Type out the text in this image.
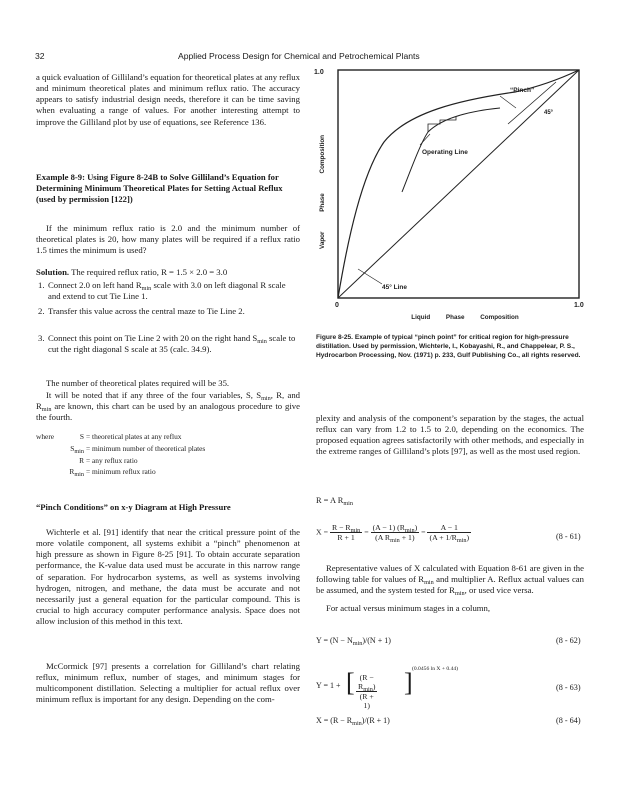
32	Applied Process Design for Chemical and Petrochemical Plants

a quick evaluation of Gilliland’s equation for theoretical plates at any reflux and minimum theoretical plates and minimum reflux ratio. The accuracy appears to satisfy industrial design needs, therefore it can be time saving when evaluating a range of values. For another interesting attempt to improve the Gilliland plot by use of equations, see Reference 136.

Example 8-9: Using Figure 8-24B to Solve Gilliland’s Equation for Determining Minimum Theoretical Plates for Setting Actual Reflux (used by permission [122])

If the minimum reflux ratio is 2.0 and the minimum number of theoretical plates is 20, how many plates will be required if a reflux ratio 1.5 times the minimum is used?

Solution. The required reflux ratio, R = 1.5 × 2.0 = 3.0

1. Connect 2.0 on left hand $R_{min}$ scale with 3.0 on left diagonal R scale and extend to cut Tie Line 1.
2. Transfer this value across the central maze to Tie Line 2.
3. Connect this point on Tie Line 2 with 20 on the right hand $S_{min}$ scale to cut the right diagonal S scale at 35 (calc. 34.9).

The number of theoretical plates required will be 35.

It will be noted that if any three of the four variables, S, $S_{min}$, R, and $R_{min}$ are known, this chart can be used by an analogous procedure to give the fourth.

where	S = theoretical plates at any reflux
$S_{min}$ = minimum number of theoretical plates
R = any reflux ratio
$R_{min}$ = minimum reflux ratio

“Pinch Conditions” on x-y Diagram at High Pressure

Wichterle et al. [91] identify that near the critical pressure point of the more volatile component, all systems exhibit a “pinch” phenomenon at high pressure as shown in Figure 8-25 [91]. To obtain accurate separation performance, the K-value data used must be accurate in this narrow range of separation. For hydrocarbon systems, as well as systems involving hydrogen, nitrogen, and methane, the data must be accurate and not necessarily just a general equation for the particular compound. This is crucial to high accuracy computer performance analysis. Space does not allow inclusion of this method in this text.

McCormick [97] presents a correlation for Gilliland’s chart relating reflux, minimum reflux, number of stages, and minimum stages for multicomponent distillation. Selecting a multiplier for actual reflux over minimum reflux is important for any design. Depending on the com-

1.0
0	1.0
Liquid Phase Composition
Vapor Phase Composition
“Pinch”
45°
Operating Line
45° Line

Figure 8-25. Example of typical “pinch point” for critical region for high-pressure distillation. Used by permission, Wichterle, I., Kobayashi, R., and Chappelear, P. S., Hydrocarbon Processing, Nov. (1971) p. 233, Gulf Publishing Co., all rights reserved.

plexity and analysis of the component’s separation by the stages, the actual reflux can vary from 1.2 to 1.5 to 2.0, depending on the economics. The proposed equation agrees satisfactorily with other methods, and especially in the extreme ranges of Gilliland’s plots [97], as well as the most used region.

R = A $R_{min}$
$X = \frac{R - R_{min}}{R + 1} = \frac{(A - 1) (R_{min})}{(A R_{min} + 1)} = \frac{A - 1}{(A + 1/R_{min})}$	(8 - 61)

Representative values of X calculated with Equation 8-61 are given in the following table for values of $R_{min}$ and multiplier A. Reflux actual values can be assumed, and the system tested for $R_{min}$, or used vice versa.

For actual versus minimum stages in a column,

$Y = (N - N_{min})/(N + 1)$	(8 - 62)
Y = 1 + [ $\frac{(R - R_{min})}{(R + 1)}$ ] (0.0456 ln X + 0.44)
(8 - 63)
$X = (R - R_{min})/(R + 1)$	(8 - 64)
